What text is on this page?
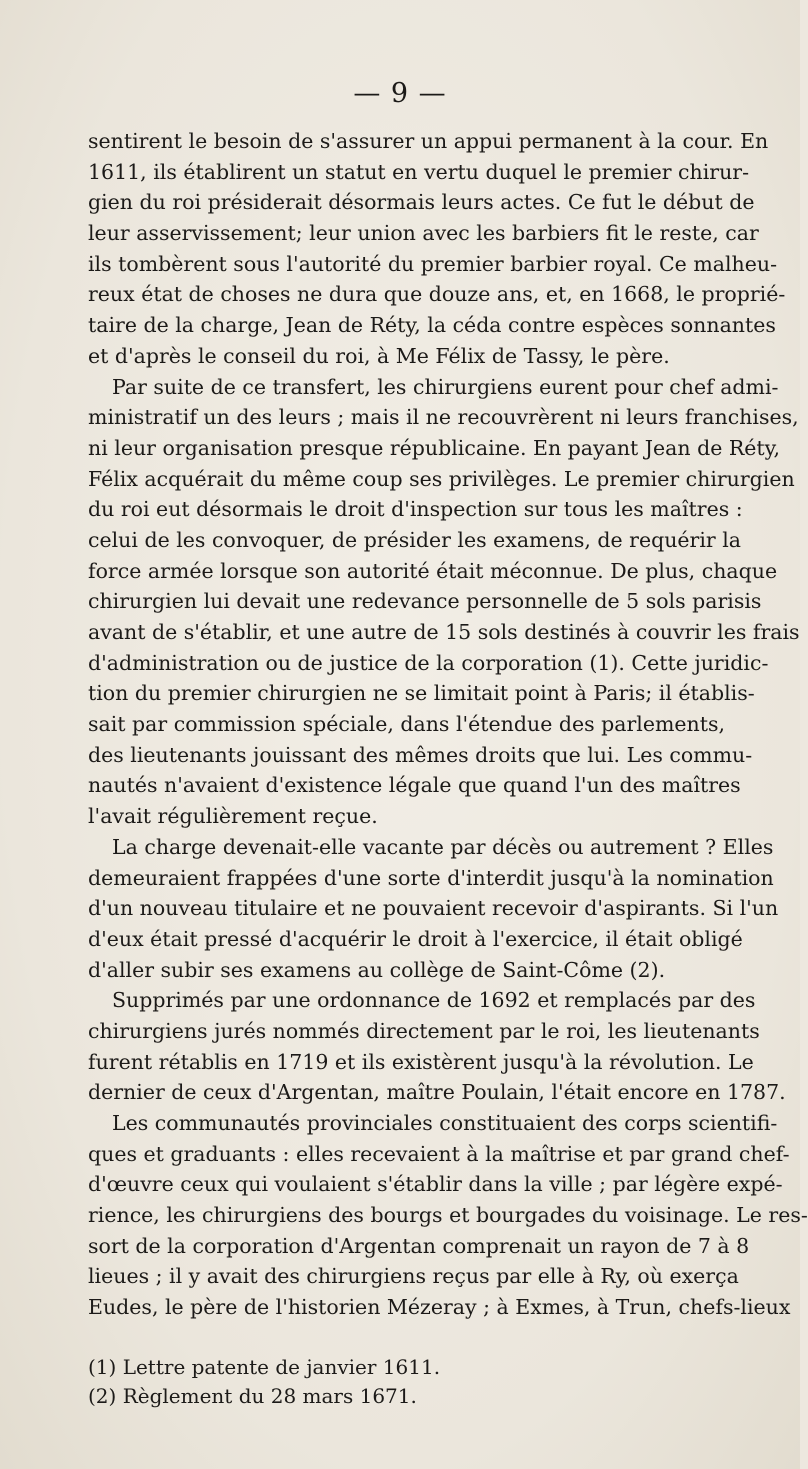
— 9 —
sentirent le besoin de s'assurer un appui permanent à la cour. En
1611, ils établirent un statut en vertu duquel le premier chirur-
gien du roi présiderait désormais leurs actes. Ce fut le début de
leur asservissement; leur union avec les barbiers fit le reste, car
ils tombèrent sous l'autorité du premier barbier royal. Ce malheu-
reux état de choses ne dura que douze ans, et, en 1668, le proprié-
taire de la charge, Jean de Réty, la céda contre espèces sonnantes
et d'après le conseil du roi, à Me Félix de Tassy, le père.
Par suite de ce transfert, les chirurgiens eurent pour chef admi-
ministratif un des leurs ; mais il ne recouvrèrent ni leurs franchises,
ni leur organisation presque républicaine. En payant Jean de Réty,
Félix acquérait du même coup ses privilèges. Le premier chirurgien
du roi eut désormais le droit d'inspection sur tous les maîtres :
celui de les convoquer, de présider les examens, de requérir la
force armée lorsque son autorité était méconnue. De plus, chaque
chirurgien lui devait une redevance personnelle de 5 sols parisis
avant de s'établir, et une autre de 15 sols destinés à couvrir les frais
d'administration ou de justice de la corporation (1). Cette juridic-
tion du premier chirurgien ne se limitait point à Paris; il établis-
sait par commission spéciale, dans l'étendue des parlements,
des lieutenants jouissant des mêmes droits que lui. Les commu-
nautés n'avaient d'existence légale que quand l'un des maîtres
l'avait régulièrement reçue.
La charge devenait-elle vacante par décès ou autrement ? Elles
demeuraient frappées d'une sorte d'interdit jusqu'à la nomination
d'un nouveau titulaire et ne pouvaient recevoir d'aspirants. Si l'un
d'eux était pressé d'acquérir le droit à l'exercice, il était obligé
d'aller subir ses examens au collège de Saint-Côme (2).
Supprimés par une ordonnance de 1692 et remplacés par des
chirurgiens jurés nommés directement par le roi, les lieutenants
furent rétablis en 1719 et ils existèrent jusqu'à la révolution. Le
dernier de ceux d'Argentan, maître Poulain, l'était encore en 1787.
Les communautés provinciales constituaient des corps scientifi-
ques et graduants : elles recevaient à la maîtrise et par grand chef-
d'œuvre ceux qui voulaient s'établir dans la ville ; par légère expé-
rience, les chirurgiens des bourgs et bourgades du voisinage. Le res-
sort de la corporation d'Argentan comprenait un rayon de 7 à 8
lieues ; il y avait des chirurgiens reçus par elle à Ry, où exerça
Eudes, le père de l'historien Mézeray ; à Exmes, à Trun, chefs-lieux
(1) Lettre patente de janvier 1611.
(2) Règlement du 28 mars 1671.
